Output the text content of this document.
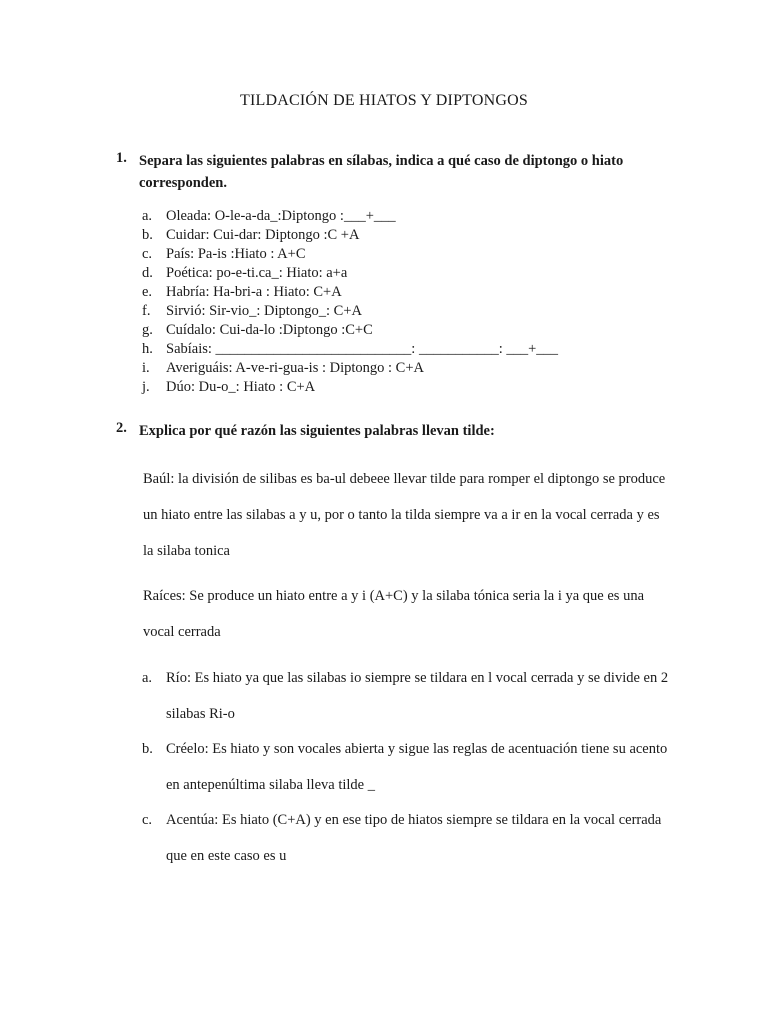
TILDACIÓN DE HIATOS Y DIPTONGOS
1. Separa las siguientes palabras en sílabas, indica a qué caso de diptongo o hiato corresponden.
a. Oleada: O-le-a-da_:Diptongo :___+___
b. Cuidar: Cui-dar: Diptongo :C +A
c. País: Pa-is :Hiato : A+C
d. Poética: po-e-ti.ca_: Hiato: a+a
e. Habría: Ha-bri-a : Hiato: C+A
f. Sirvió: Sir-vio_: Diptongo_: C+A
g. Cuídalo: Cui-da-lo :Diptongo :C+C
h. Sabíais: ___________________________: ___________: ___+___
i. Averiguáis: A-ve-ri-gua-is : Diptongo : C+A
j. Dúo: Du-o_: Hiato : C+A
2. Explica por qué razón las siguientes palabras llevan tilde:
Baúl: la división de silibas es ba-ul debeee llevar tilde para romper el diptongo se produce un hiato entre las silabas a y u, por o tanto la tilda siempre va a ir en la vocal cerrada y es la silaba tonica
Raíces: Se produce un hiato entre a y i (A+C) y la silaba tónica seria la i ya que es una vocal cerrada
a. Río: Es hiato ya que las silabas io siempre se tildara en l vocal cerrada y se divide en 2 silabas Ri-o
b. Créelo: Es hiato y son vocales abierta y sigue las reglas de acentuación tiene su acento en antepenúltima silaba lleva tilde _
c. Acentúa: Es hiato (C+A) y en ese tipo de hiatos siempre se tildara en la vocal cerrada que en este caso es u
